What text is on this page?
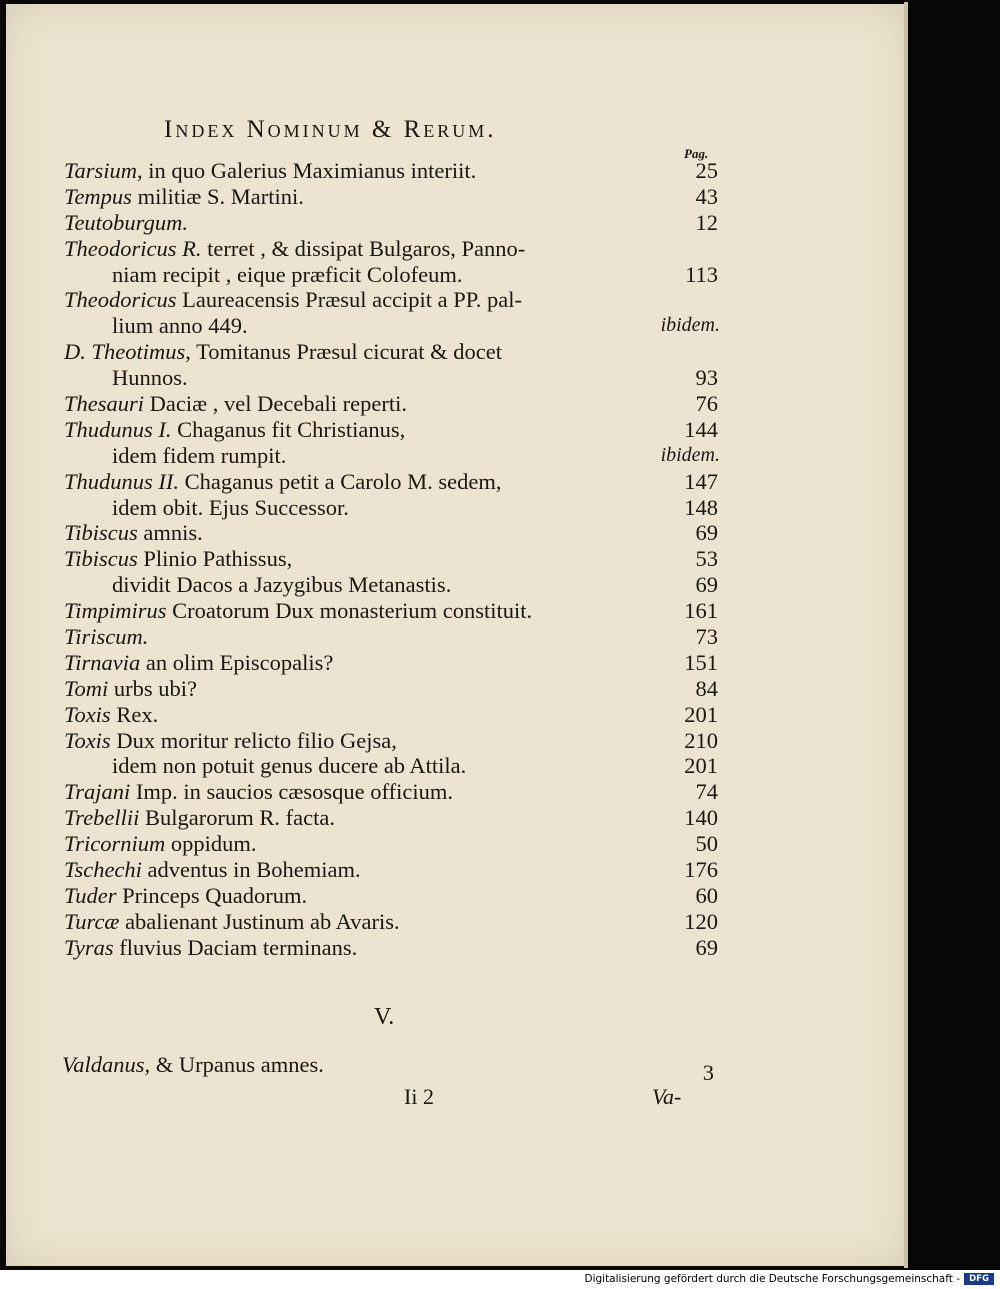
Index Nominum & Rerum.
Pag.
Tarsium, in quo Galerius Maximianus interiit.	25
Tempus militiæ S. Martini.	43
Teutoburgum.	12
Theodoricus R. terret , & dissipat Bulgaros, Panno-
niam recipit , eique præficit Colofeum.	113
Theodoricus Laureacensis Præsul accipit a PP. pal-
lium anno 449.	ibidem.
D. Theotimus, Tomitanus Præsul cicurat & docet
Hunnos.	93
Thesauri Daciæ , vel Decebali reperti.	76
Thudunus I. Chaganus fit Christianus,	144
idem fidem rumpit.	ibidem.
Thudunus II. Chaganus petit a Carolo M. sedem,	147
idem obit. Ejus Successor.	148
Tibiscus amnis.	69
Tibiscus Plinio Pathissus,	53
dividit Dacos a Jazygibus Metanastis.	69
Timpimirus Croatorum Dux monasterium constituit.	161
Tiriscum.	73
Tirnavia an olim Episcopalis?	151
Tomi urbs ubi?	84
Toxis Rex.	201
Toxis Dux moritur relicto filio Gejsa,	210
idem non potuit genus ducere ab Attila.	201
Trajani Imp. in saucios cæsosque officium.	74
Trebellii Bulgarorum R. facta.	140
Tricornium oppidum.	50
Tschechi adventus in Bohemiam.	176
Tuder Princeps Quadorum.	60
Turcæ abalienant Justinum ab Avaris.	120
Tyras fluvius Daciam terminans.	69
V.
Valdanus, & Urpanus amnes.	3
Ii 2	Va-
Digitalisierung gefördert durch die Deutsche Forschungsgemeinschaft -	DFG
